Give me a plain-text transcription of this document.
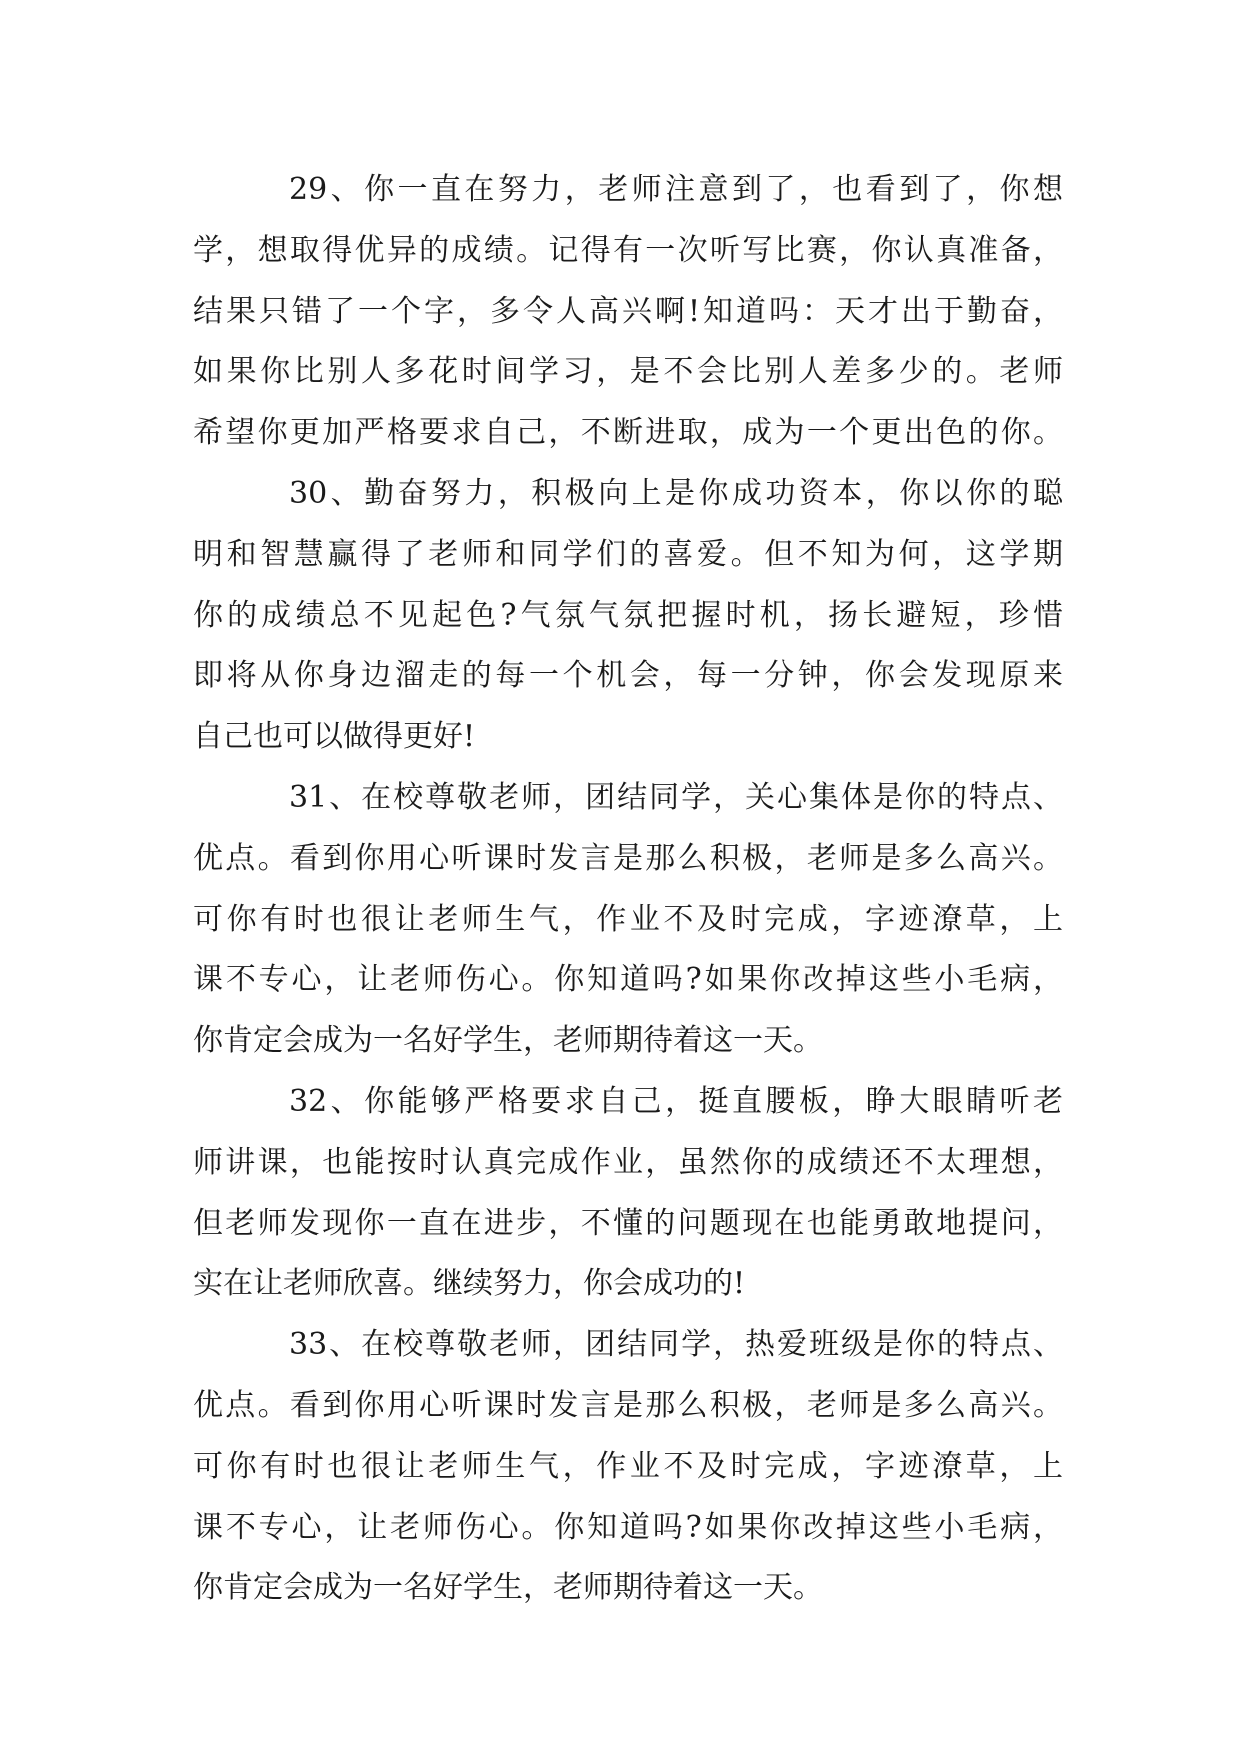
29、你一直在努力，老师注意到了，也看到了，你想
学，想取得优异的成绩。记得有一次听写比赛，你认真准备，
结果只错了一个字，多令人高兴啊!知道吗：天才出于勤奋，
如果你比别人多花时间学习，是不会比别人差多少的。老师
希望你更加严格要求自己，不断进取，成为一个更出色的你。
30、勤奋努力，积极向上是你成功资本，你以你的聪
明和智慧赢得了老师和同学们的喜爱。但不知为何，这学期
你的成绩总不见起色?气氛气氛把握时机，扬长避短，珍惜
即将从你身边溜走的每一个机会，每一分钟，你会发现原来
自己也可以做得更好!
31、在校尊敬老师，团结同学，关心集体是你的特点、
优点。看到你用心听课时发言是那么积极，老师是多么高兴。
可你有时也很让老师生气，作业不及时完成，字迹潦草，上
课不专心，让老师伤心。你知道吗?如果你改掉这些小毛病，
你肯定会成为一名好学生，老师期待着这一天。
32、你能够严格要求自己，挺直腰板，睁大眼睛听老
师讲课，也能按时认真完成作业，虽然你的成绩还不太理想，
但老师发现你一直在进步，不懂的问题现在也能勇敢地提问，
实在让老师欣喜。继续努力，你会成功的!
33、在校尊敬老师，团结同学，热爱班级是你的特点、
优点。看到你用心听课时发言是那么积极，老师是多么高兴。
可你有时也很让老师生气，作业不及时完成，字迹潦草，上
课不专心，让老师伤心。你知道吗?如果你改掉这些小毛病，
你肯定会成为一名好学生，老师期待着这一天。
